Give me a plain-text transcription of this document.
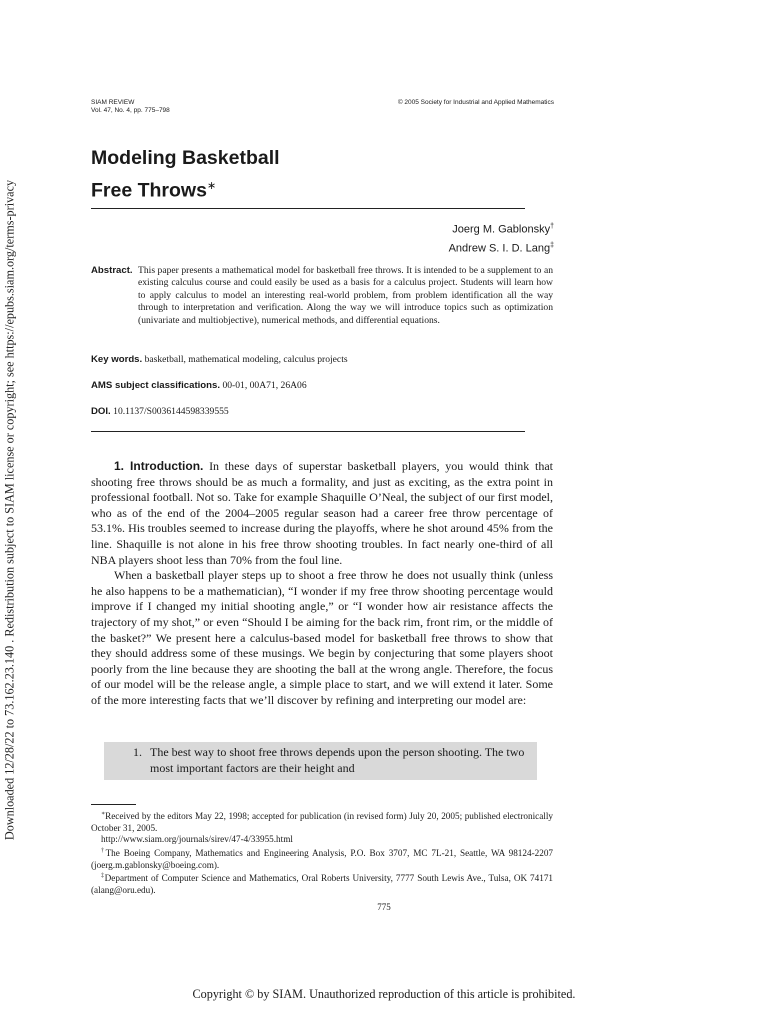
Downloaded 12/28/22 to 73.162.23.140 . Redistribution subject to SIAM license or copyright; see https://epubs.siam.org/terms-privacy
SIAM REVIEW
Vol. 47, No. 4, pp. 775–798
© 2005 Society for Industrial and Applied Mathematics
Modeling Basketball
Free Throws∗
Joerg M. Gablonsky†
Andrew S. I. D. Lang‡
Abstract. This paper presents a mathematical model for basketball free throws. It is intended to be a supplement to an existing calculus course and could easily be used as a basis for a calculus project. Students will learn how to apply calculus to model an interesting real-world problem, from problem identification all the way through to interpretation and verification. Along the way we will introduce topics such as optimization (univariate and multiobjective), numerical methods, and differential equations.
Key words. basketball, mathematical modeling, calculus projects
AMS subject classifications. 00-01, 00A71, 26A06
DOI. 10.1137/S0036144598339555

1. Introduction. In these days of superstar basketball players, you would think that shooting free throws should be as much a formality, and just as exciting, as the extra point in professional football. Not so. Take for example Shaquille O’Neal, the subject of our first model, who as of the end of the 2004–2005 regular season had a career free throw percentage of 53.1%. His troubles seemed to increase during the playoffs, where he shot around 45% from the line. Shaquille is not alone in his free throw shooting troubles. In fact nearly one-third of all NBA players shoot less than 70% from the foul line.

When a basketball player steps up to shoot a free throw he does not usually think (unless he also happens to be a mathematician), “I wonder if my free throw shooting percentage would improve if I changed my initial shooting angle,” or “I wonder how air resistance affects the trajectory of my shot,” or even “Should I be aiming for the back rim, front rim, or the middle of the basket?” We present here a calculus-based model for basketball free throws to show that they should address some of these musings. We begin by conjecturing that some players shoot poorly from the line because they are shooting the ball at the wrong angle. Therefore, the focus of our model will be the release angle, a simple place to start, and we will extend it later. Some of the more interesting facts that we’ll discover by refining and interpreting our model are:

1. The best way to shoot free throws depends upon the person shooting. The two most important factors are their height and

∗Received by the editors May 22, 1998; accepted for publication (in revised form) July 20, 2005; published electronically October 31, 2005.

http://www.siam.org/journals/sirev/47-4/33955.html

†The Boeing Company, Mathematics and Engineering Analysis, P.O. Box 3707, MC 7L-21, Seattle, WA 98124-2207 (joerg.m.gablonsky@boeing.com).

‡Department of Computer Science and Mathematics, Oral Roberts University, 7777 South Lewis Ave., Tulsa, OK 74171 (alang@oru.edu).

775
Copyright © by SIAM. Unauthorized reproduction of this article is prohibited.
